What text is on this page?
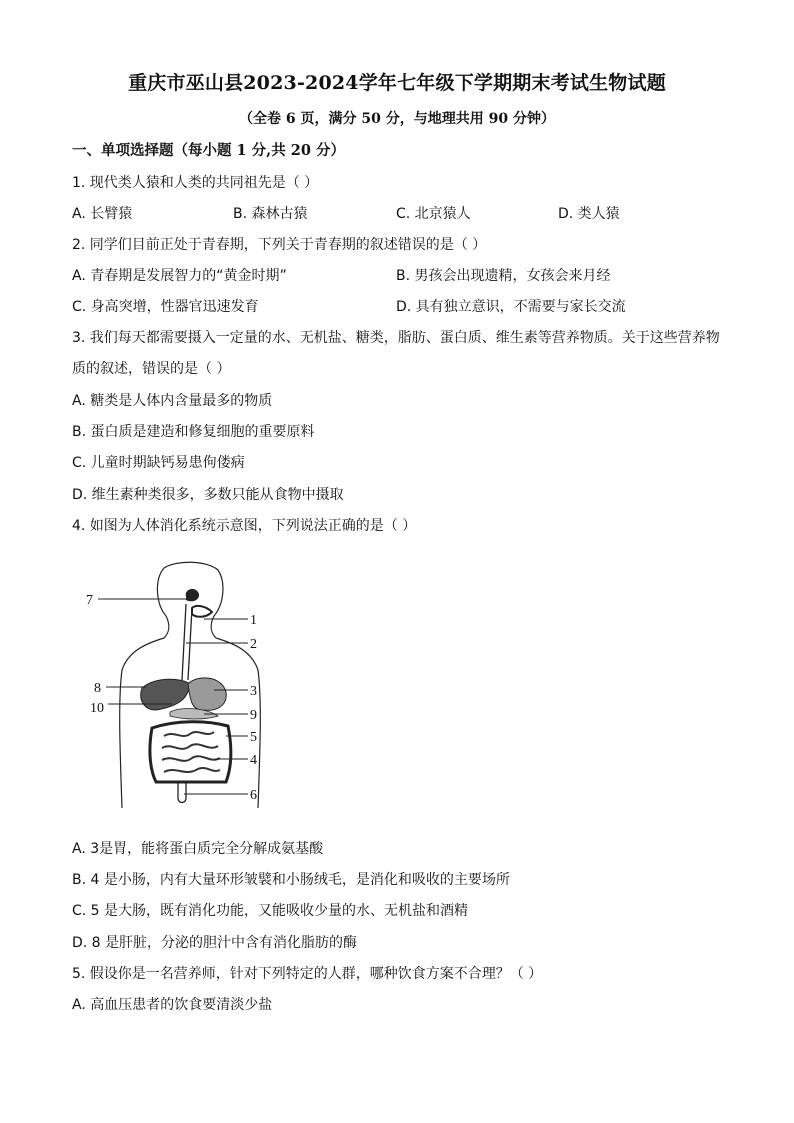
重庆市巫山县2023-2024学年七年级下学期期末考试生物试题
（全卷 6 页，满分 50 分，与地理共用 90 分钟）
一、单项选择题（每小题 1 分,共 20 分）
1. 现代类人猿和人类的共同祖先是（ ）
A. 长臂猿	B. 森林古猿	C. 北京猿人	D. 类人猿
2. 同学们目前正处于青春期，下列关于青春期的叙述错误的是（ ）
A. 青春期是发展智力的“黄金时期”	B. 男孩会出现遗精，女孩会来月经
C. 身高突增，性器官迅速发育	D. 具有独立意识，不需要与家长交流
3. 我们每天都需要摄入一定量的水、无机盐、糖类，脂肪、蛋白质、维生素等营养物质。关于这些营养物
质的叙述，错误的是（ ）
A. 糖类是人体内含量最多的物质
B. 蛋白质是建造和修复细胞的重要原料
C. 儿童时期缺钙易患佝偻病
D. 维生素种类很多，多数只能从食物中摄取
4. 如图为人体消化系统示意图，下列说法正确的是（ ）
7
1
2
8	3
10	9
5
4
6
A. 3是胃，能将蛋白质完全分解成氨基酸
B. 4 是小肠，内有大量环形皱襞和小肠绒毛，是消化和吸收的主要场所
C. 5 是大肠，既有消化功能，又能吸收少量的水、无机盐和酒精
D. 8 是肝脏，分泌的胆汁中含有消化脂肪的酶
5. 假设你是一名营养师，针对下列特定的人群，哪种饮食方案不合理？（ ）
A. 高血压患者的饮食要清淡少盐
